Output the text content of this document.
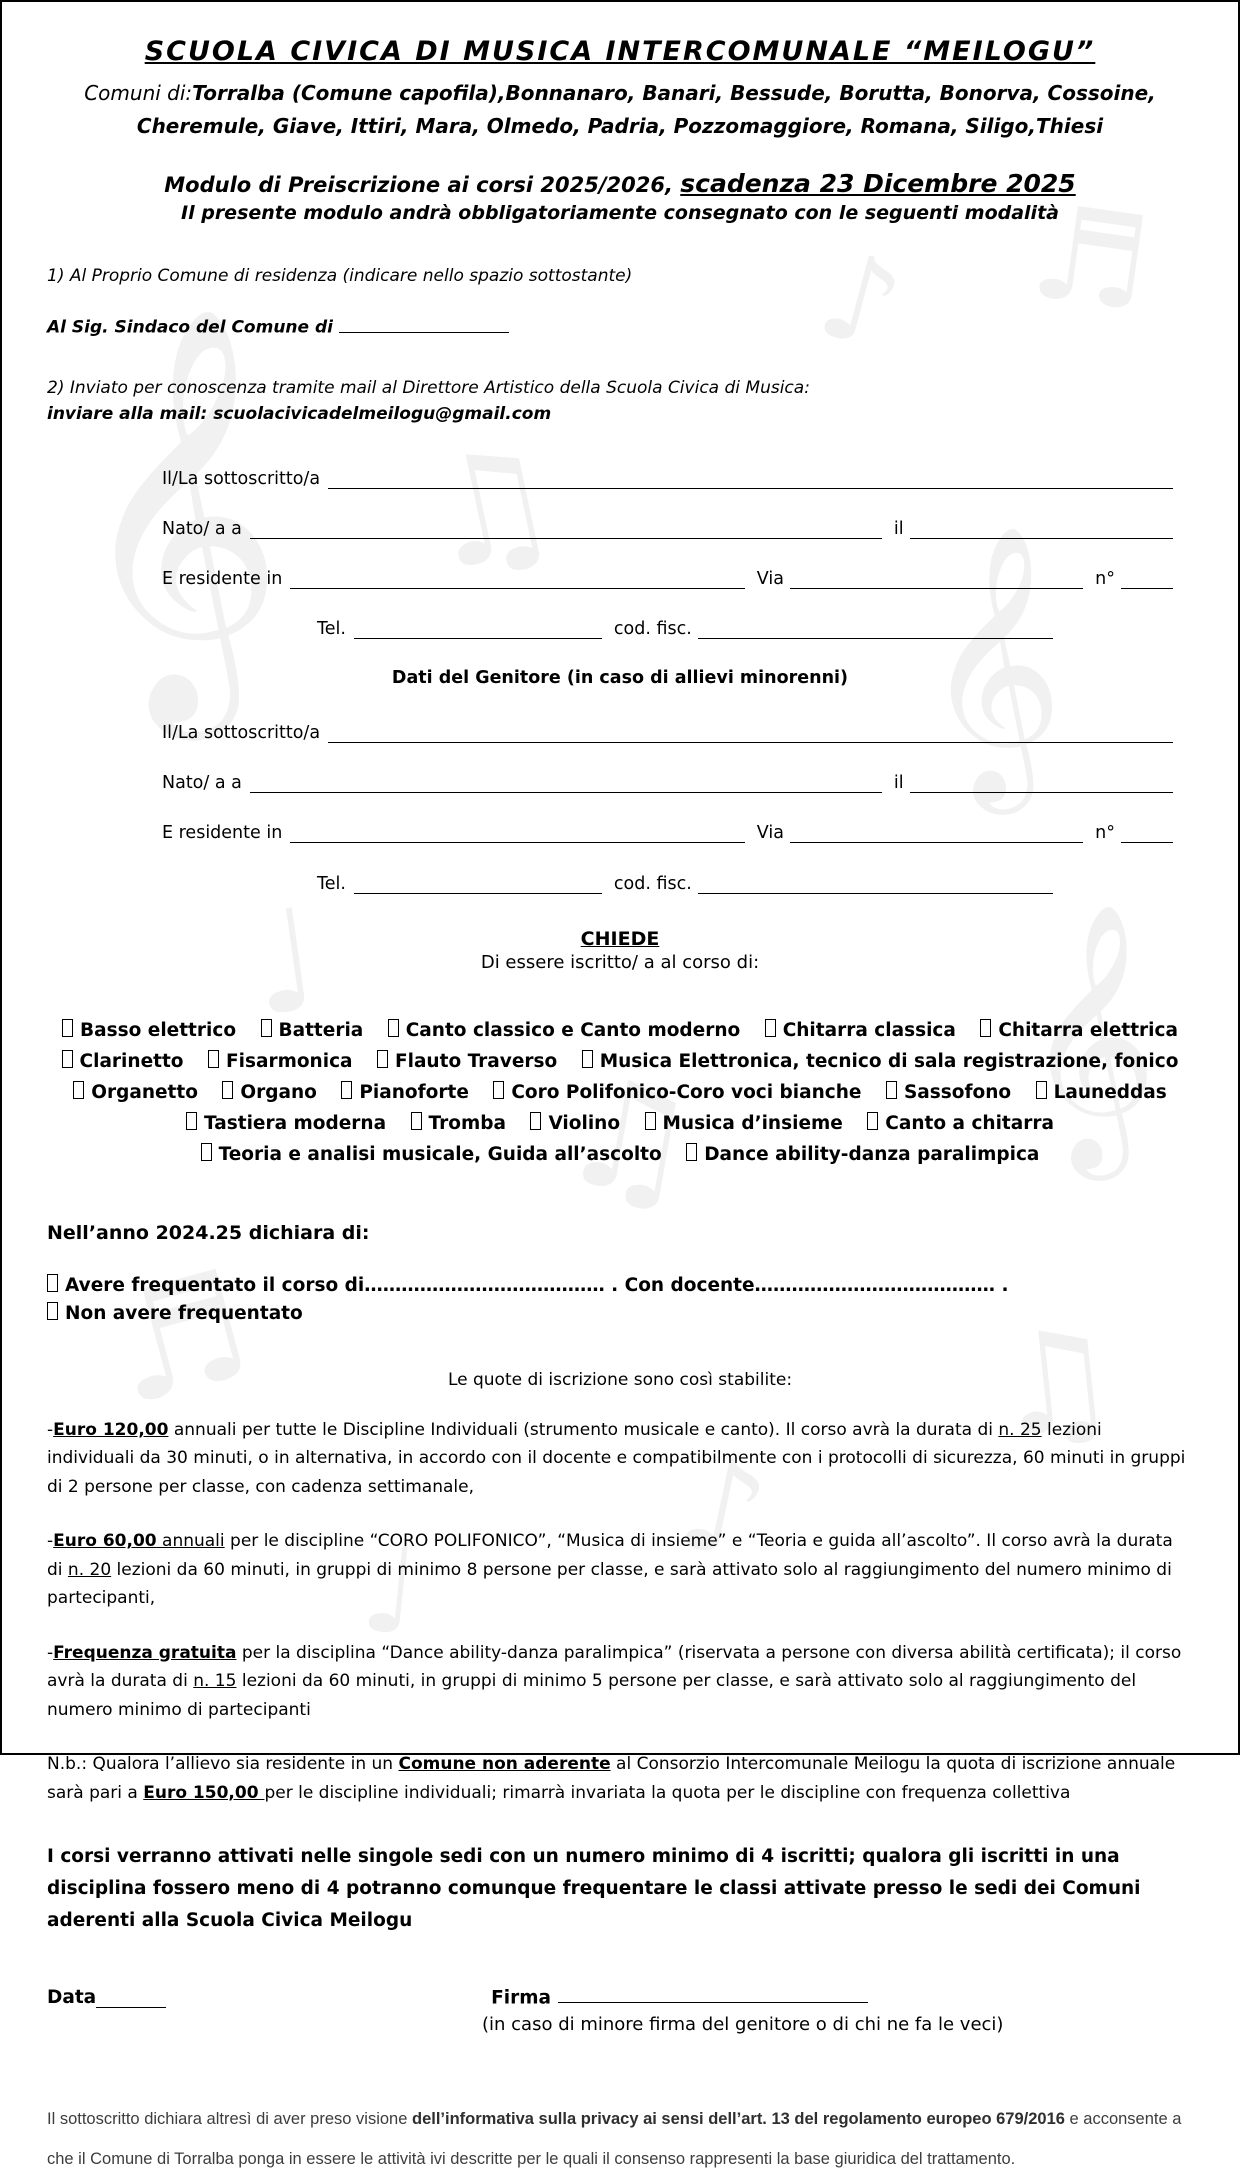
𝄞
♫
♪
♬
𝄞
♩
♫
𝄞
♬
♪
♫
♩
SCUOLA CIVICA DI MUSICA INTERCOMUNALE “MEILOGU”
Comuni di:Torralba (Comune capofila),Bonnanaro, Banari, Bessude, Borutta, Bonorva, Cossoine, Cheremule, Giave, Ittiri, Mara, Olmedo, Padria, Pozzomaggiore, Romana, Siligo,Thiesi
Modulo di Preiscrizione ai corsi 2025/2026, scadenza 23 Dicembre 2025
Il presente modulo andrà obbligatoriamente consegnato con le seguenti modalità
1) Al Proprio Comune di residenza (indicare nello spazio sottostante)
Al Sig. Sindaco del Comune di
2) Inviato per conoscenza tramite mail al Direttore Artistico della Scuola Civica di Musica:
inviare alla mail: scuolacivicadelmeilogu@gmail.com
Il/La sottoscritto/a
Nato/ a a	il
E residente in	Via	n°
Tel.	cod. fisc.
Dati del Genitore (in caso di allievi minorenni)
Il/La sottoscritto/a
Nato/ a a	il
E residente in	Via	n°
Tel.	cod. fisc.
CHIEDE
Di essere iscritto/ a al corso di:
Basso elettrico Batteria Canto classico e Canto moderno Chitarra classica Chitarra elettrica
Clarinetto Fisarmonica Flauto Traverso Musica Elettronica, tecnico di sala registrazione, fonico
Organetto Organo Pianoforte Coro Polifonico-Coro voci bianche Sassofono Launeddas
Tastiera moderna Tromba Violino Musica d’insieme Canto a chitarra
Teoria e analisi musicale, Guida all’ascolto Dance ability-danza paralimpica
Nell’anno 2024.25 dichiara di:
Avere frequentato il corso di………………………………… . Con docente………………………………… .
Non avere frequentato
Le quote di iscrizione sono così stabilite:

-Euro 120,00 annuali per tutte le Discipline Individuali (strumento musicale e canto). Il corso avrà la durata di n. 25 lezioni individuali da 30 minuti, o in alternativa, in accordo con il docente e compatibilmente con i protocolli di sicurezza, 60 minuti in gruppi di 2 persone per classe, con cadenza settimanale,

-Euro 60,00 annuali per le discipline “CORO POLIFONICO”, “Musica di insieme” e “Teoria e guida all’ascolto”. Il corso avrà la durata di n. 20 lezioni da 60 minuti, in gruppi di minimo 8 persone per classe, e sarà attivato solo al raggiungimento del numero minimo di partecipanti,

-Frequenza gratuita per la disciplina “Dance ability-danza paralimpica” (riservata a persone con diversa abilità certificata); il corso avrà la durata di n. 15 lezioni da 60 minuti, in gruppi di minimo 5 persone per classe, e sarà attivato solo al raggiungimento del numero minimo di partecipanti

N.b.: Qualora l’allievo sia residente in un Comune non aderente al Consorzio Intercomunale Meilogu la quota di iscrizione annuale sarà pari a Euro 150,00 per le discipline individuali; rimarrà invariata la quota per le discipline con frequenza collettiva

I corsi verranno attivati nelle singole sedi con un numero minimo di 4 iscritti; qualora gli iscritti in una disciplina fossero meno di 4 potranno comunque frequentare le classi attivate presso le sedi dei Comuni aderenti alla Scuola Civica Meilogu

Data	Firma
(in caso di minore firma del genitore o di chi ne fa le veci)
Il sottoscritto dichiara altresì di aver preso visione dell’informativa sulla privacy ai sensi dell’art. 13 del regolamento europeo 679/2016 e acconsente a che il Comune di Torralba ponga in essere le attività ivi descritte per le quali il consenso rappresenti la base giuridica del trattamento.
